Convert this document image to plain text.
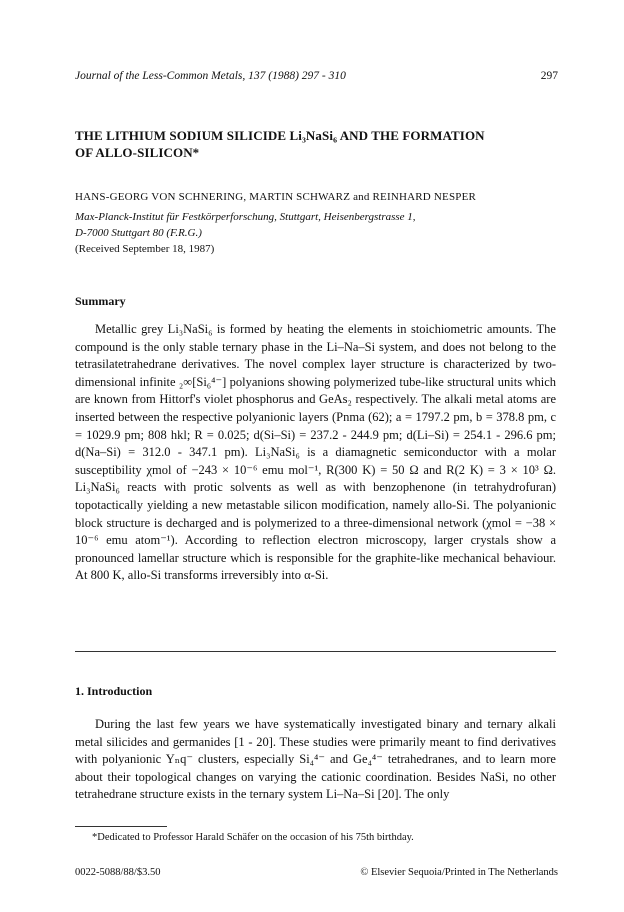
Journal of the Less-Common Metals, 137 (1988) 297 - 310	297
THE LITHIUM SODIUM SILICIDE Li₃NaSi₆ AND THE FORMATION
OF ALLO-SILICON*
HANS-GEORG VON SCHNERING, MARTIN SCHWARZ and REINHARD NESPER
Max-Planck-Institut für Festkörperforschung, Stuttgart, Heisenbergstrasse 1,
D-7000 Stuttgart 80 (F.R.G.)
(Received September 18, 1987)
Summary

Metallic grey Li₃NaSi₆ is formed by heating the elements in stoichiometric amounts. The compound is the only stable ternary phase in the Li–Na–Si system, and does not belong to the tetrasilatetrahedrane derivatives. The novel complex layer structure is characterized by two-dimensional infinite ₂∞[Si₆⁴⁻] polyanions showing polymerized tube-like structural units which are known from Hittorf's violet phosphorus and GeAs₂ respectively. The alkali metal atoms are inserted between the respective polyanionic layers (Pnma (62); a = 1797.2 pm, b = 378.8 pm, c = 1029.9 pm; 808 hkl; R = 0.025; d(Si–Si) = 237.2 - 244.9 pm; d(Li–Si) = 254.1 - 296.6 pm; d(Na–Si) = 312.0 - 347.1 pm). Li₃NaSi₆ is a diamagnetic semiconductor with a molar susceptibility χmol of −243 × 10⁻⁶ emu mol⁻¹, R(300 K) = 50 Ω and R(2 K) = 3 × 10³ Ω. Li₃NaSi₆ reacts with protic solvents as well as with benzophenone (in tetrahydrofuran) topotactically yielding a new metastable silicon modification, namely allo-Si. The polyanionic block structure is decharged and is polymerized to a three-dimensional network (χmol = −38 × 10⁻⁶ emu atom⁻¹). According to reflection electron microscopy, larger crystals show a pronounced lamellar structure which is responsible for the graphite-like mechanical behaviour. At 800 K, allo-Si transforms irreversibly into α-Si.

1. Introduction

During the last few years we have systematically investigated binary and ternary alkali metal silicides and germanides [1 - 20]. These studies were primarily meant to find derivatives with polyanionic Yₙq⁻ clusters, especially Si₄⁴⁻ and Ge₄⁴⁻ tetrahedranes, and to learn more about their topological changes on varying the cationic coordination. Besides NaSi, no other tetrahedrane structure exists in the ternary system Li–Na–Si [20]. The only

*Dedicated to Professor Harald Schäfer on the occasion of his 75th birthday.
0022-5088/88/$3.50	© Elsevier Sequoia/Printed in The Netherlands
